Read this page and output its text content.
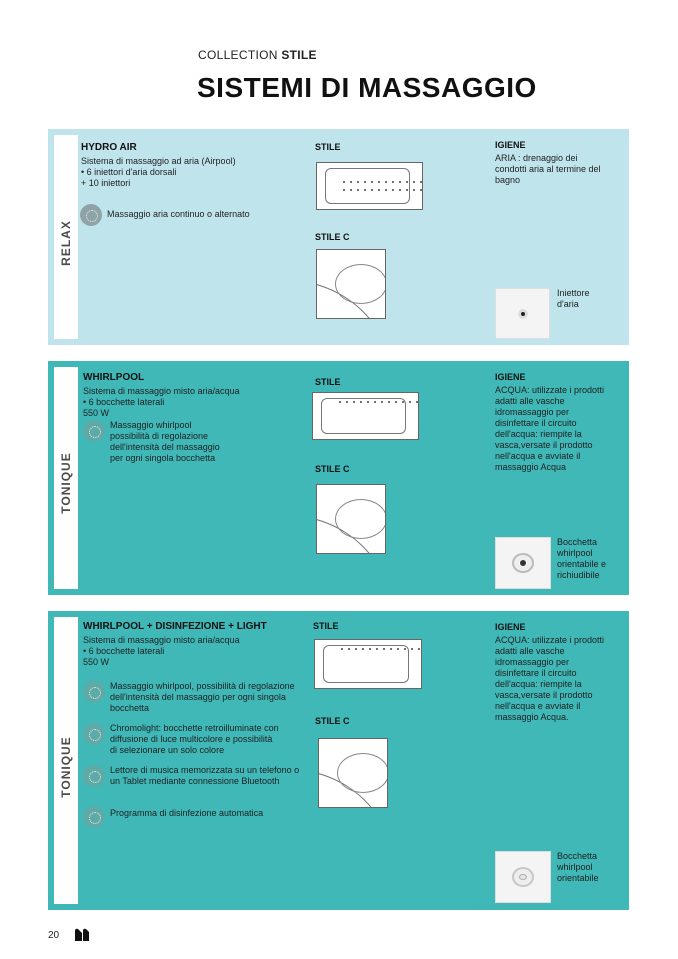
COLLECTION STILE
SISTEMI DI MASSAGGIO
RELAX
HYDRO AIR
Sistema di massaggio ad aria (Airpool)
• 6 iniettori d'aria dorsali
+ 10 iniettori
Massaggio aria continuo o alternato
STILE
STILE C
IGIENE
ARIA : drenaggio dei
condotti aria al termine del
bagno
Iniettore
d'aria
TONIQUE
WHIRLPOOL
Sistema di massaggio misto aria/acqua
• 6 bocchette laterali
550 W
Massaggio whirlpool
possibilità di regolazione
dell'intensità del massaggio
per ogni singola bocchetta
STILE
STILE C
IGIENE
ACQUA: utilizzate i prodotti
adatti alle vasche
idromassaggio per
disinfettare il circuito
dell'acqua: riempite la
vasca,versate il prodotto
nell'acqua e avviate il
massaggio Acqua
Bocchetta
whirlpool
orientabile e
richiudibile
TONIQUE
WHIRLPOOL + DISINFEZIONE + LIGHT
Sistema di massaggio misto aria/acqua
• 6 bocchette laterali
550 W
Massaggio whirlpool, possibilità di regolazione
dell'intensità del massaggio per ogni singola
bocchetta
Chromolight: bocchette retroilluminate con
diffusione di luce multicolore e possibilità
di selezionare un solo colore
Lettore di musica memorizzata su un telefono o
un Tablet mediante connessione Bluetooth
Programma di disinfezione automatica
STILE
STILE C
IGIENE
ACQUA: utilizzate i prodotti
adatti alle vasche
idromassaggio per
disinfettare il circuito
dell'acqua: riempite la
vasca,versate il prodotto
nell'acqua e avviate il
massaggio Acqua.
Bocchetta
whirlpool
orientabile
20
